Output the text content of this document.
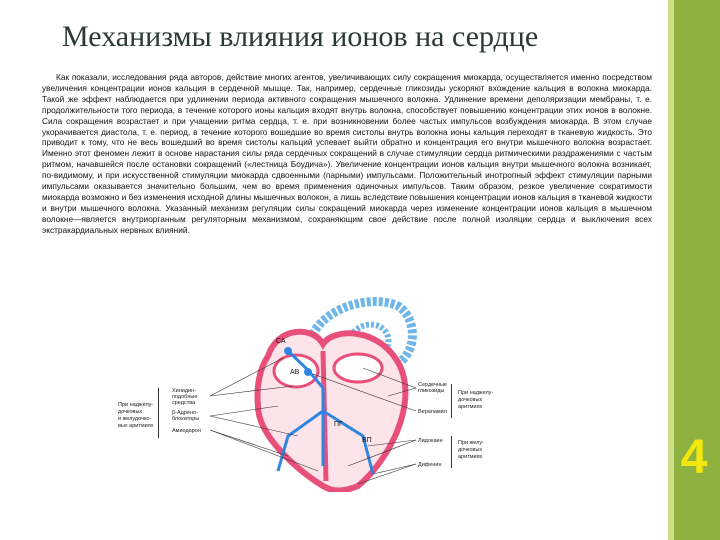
Механизмы влияния ионов на сердце
Как показали, исследования ряда авторов, действие многих агентов, увеличивающих силу сокращения миокарда, осуществляется именно посредством увеличения концентрации ионов кальция в сердечной мышце. Так, например, сердечные гликозиды ускоряют вхождение кальция в волокна миокарда. Такой же эффект наблюдается при удлинении периода активного сокращения мышечного волокна. Удлинение времени деполяризации мембраны, т. е. продолжительности того периода, в течение которого ионы кальция входят внутрь волокна, способствует повышению концентрации этих ионов в волокне. Сила сокращения возрастает и при учащении ритма сердца, т. е. при возникновении более частых импульсов возбуждения миокарда. В этом случае укорачивается диастола, т. е. период, в течение которого вошедшие во время систолы внутрь волокна ионы кальция переходят в тканевую жидкость. Это приводит к тому, что не весь вошедший во время систолы кальций успевает выйти обратно и концентрация его внутри мышечного волокна возрастает. Именно этот феномен лежит в основе нарастания силы ряда сердечных сокращений в случае стимуляции сердца ритмическими раздражениями с частым ритмом, начавшейся после остановки сокращений («лестница Боудича»). Увеличение концентрации ионов кальция внутри мышечного волокна возникает, по-видимому, и при искусственной стимуляции миокарда сдвоенными (парными) импульсами. Положительный инотропный эффект стимуляции парными импульсами оказывается значительно большим, чем во время применения одиночных импульсов. Таким образом, резкое увеличение сократимости миокарда возможно и без изменения исходной длины мышечных волокон, а лишь вследствие повышения концентрации ионов кальция в тканевой жидкости и внутри мышечного волокна. Указанный механизм регуляции силы сокращений миокарда через изменение концентрации ионов кальция в мышечном волокне—является внутриорганным регуляторным механизмом, сохраняющим свое действие после полной изоляции сердца и выключения всех экстракардиальных нервных влияний.
СА
АВ
ПГ
ВП
При наджелу-дочковых и желудочко-вых аритмиях
Хинидин-подобные средства
β-Адрено-блокаторы
Амиодарон
Сердечные гликозиды
Верапамил
При наджелу-дочковых аритмиях
Лидокаин
Дифенин
При желу-дочковых аритмиях	4
